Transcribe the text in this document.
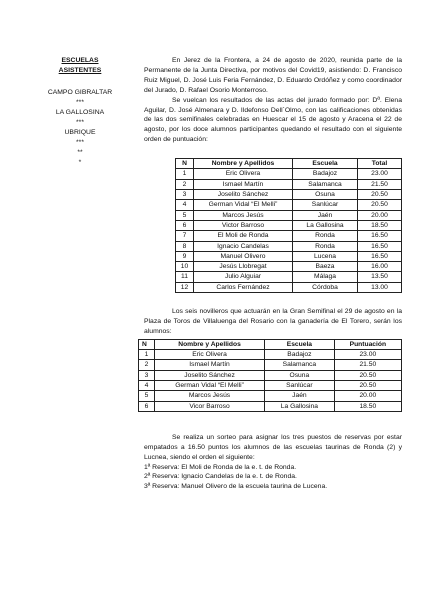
ESCUELAS ASISTENTES
CAMPO GIBRALTAR
***
LA GALLOSINA
***
UBRIQUE
***
**
*

En Jerez de la Frontera, a 24 de agosto de 2020, reunida parte de la Permanente de la Junta Directiva, por motivos del Covid19, asistiendo: D. Francisco Ruiz Miguel, D. José Luis Feria Fernández, D. Eduardo Ordóñez y como coordinador del Jurado, D. Rafael Osorio Monterroso.

Se vuelcan los resultados de las actas del jurado formado por: Dª. Elena Aguilar, D. José Almenara y D. Ildefonso Dell´Olmo, con las calificaciones obtenidas de las dos semifinales celebradas en Huescar el 15 de agosto y Aracena el 22 de agosto, por los doce alumnos participantes quedando el resultado con el siguiente orden de puntuación:

N	Nombre y Apellidos	Escuela	Total
1	Eric Olivera	Badajoz	23.00
2	Ismael Martín	Salamanca	21.50
3	Joselito Sánchez	Osuna	20.50
4	German Vidal “El Melli”	Sanlúcar	20.50
5	Marcos Jesús	Jaén	20.00
6	Victor Barroso	La Gallosina	18.50
7	El Moli de Ronda	Ronda	16.50
8	Ignacio Candelas	Ronda	16.50
9	Manuel Olivero	Lucena	16.50
10	Jesús Llobregat	Baeza	16.00
11	Julio Alguiar	Málaga	13.50
12	Carlos Fernández	Córdoba	13.00

Los seis novilleros que actuarán en la Gran Semifinal el 29 de agosto en la Plaza de Toros de Villaluenga del Rosario con la ganadería de El Torero, serán los alumnos:

N	Nombre y Apellidos	Escuela	Puntuación
1	Eric Olivera	Badajoz	23.00
2	Ismael Martín	Salamanca	21.50
3	Joselito Sánchez	Osuna	20.50
4	German Vidal “El Melli”	Sanlúcar	20.50
5	Marcos Jesús	Jaén	20.00
6	Vicor Barroso	La Gallosina	18.50

Se realiza un sorteo para asignar los tres puestos de reservas por estar empatados a 16.50 puntos los alumnos de las escuelas taurinas de Ronda (2) y Lucnea, siendo el orden el siguiente:

1ª Reserva: El Moli de Ronda de la e. t. de Ronda.
2ª Reserva: Ignacio Candelas de la e. t. de Ronda.
3ª Reserva: Manuel Olivero de la escuela taurina de Lucena.
